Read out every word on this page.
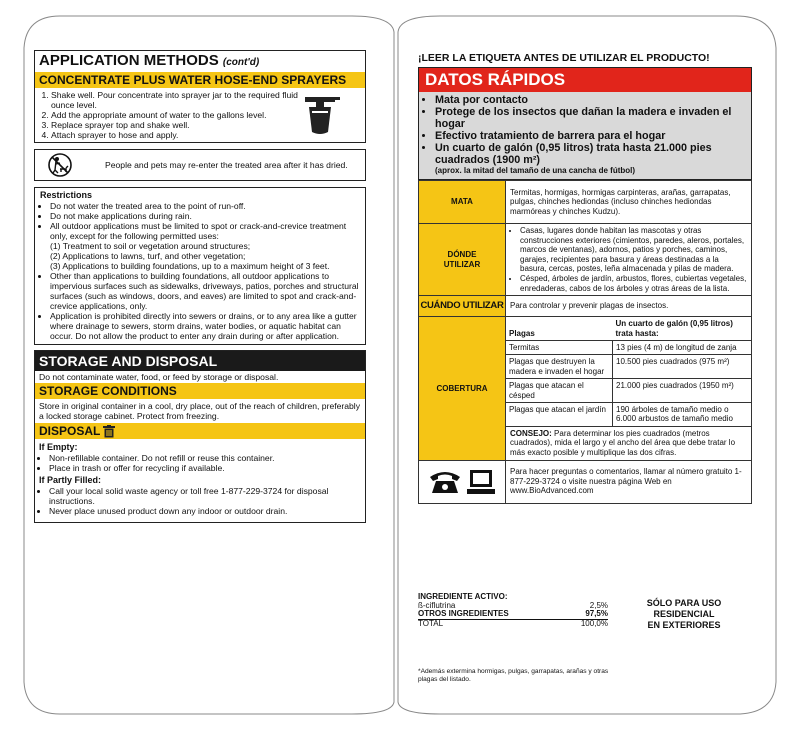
APPLICATION METHODS (cont'd)
CONCENTRATE PLUS WATER HOSE-END SPRAYERS
1. Shake well. Pour concentrate into sprayer jar to the required fluid ounce level.
2. Add the appropriate amount of water to the gallons level.
3. Replace sprayer top and shake well.
4. Attach sprayer to hose and apply.
People and pets may re-enter the treated area after it has dried.
Restrictions
• Do not water the treated area to the point of run-off.
• Do not make applications during rain.
• All outdoor applications must be limited to spot or crack-and-crevice treatment only, except for the following permitted uses:
(1) Treatment to soil or vegetation around structures;
(2) Applications to lawns, turf, and other vegetation;
(3) Applications to building foundations, up to a maximum height of 3 feet.
• Other than applications to building foundations, all outdoor applications to impervious surfaces such as sidewalks, driveways, patios, porches and structural surfaces (such as windows, doors, and eaves) are limited to spot and crack-and-crevice applications, only.
• Application is prohibited directly into sewers or drains, or to any area like a gutter where drainage to sewers, storm drains, water bodies, or aquatic habitat can occur. Do not allow the product to enter any drain during or after application.
STORAGE AND DISPOSAL
Do not contaminate water, food, or feed by storage or disposal.
STORAGE CONDITIONS
Store in original container in a cool, dry place, out of the reach of children, preferably a locked storage cabinet. Protect from freezing.
DISPOSAL
If Empty:
• Non-refillable container. Do not refill or reuse this container.
• Place in trash or offer for recycling if available.
If Partly Filled:
• Call your local solid waste agency or toll free 1-877-229-3724 for disposal instructions.
• Never place unused product down any indoor or outdoor drain.
¡LEER LA ETIQUETA ANTES DE UTILIZAR EL PRODUCTO!
DATOS RÁPIDOS
• Mata por contacto
• Protege de los insectos que dañan la madera e invaden el hogar
• Efectivo tratamiento de barrera para el hogar
• Un cuarto de galón (0,95 litros) trata hasta 21.000 pies cuadrados (1900 m²)
(aprox. la mitad del tamaño de una cancha de fútbol)
MATA	Termitas, hormigas, hormigas carpinteras, arañas, garrapatas, pulgas, chinches hediondas (incluso chinches hediondas marmóreas y chinches Kudzu).

DÓNDE
UTILIZAR

• Casas, lugares donde habitan las mascotas y otras construcciones exteriores (cimientos, paredes, aleros, portales, marcos de ventanas), adornos, patios y porches, caminos, garajes, recipientes para basura y áreas destinadas a la basura, cercas, postes, leña almacenada y pilas de madera.
• Césped, árboles de jardín, arbustos, flores, cubiertas vegetales, enredaderas, cabos de los árboles y otras áreas de la lista.

CUÁNDO UTILIZAR	Para controlar y prevenir plagas de insectos.
COBERTURA	
Plagas	Un cuarto de galón (0,95 litros) trata hasta:
Termitas	13 pies (4 m) de longitud de zanja
Plagas que destruyen la madera e invaden el hogar	10.500 pies cuadrados (975 m²)
Plagas que atacan el césped	21.000 pies cuadrados (1950 m²)
Plagas que atacan el jardín	190 árboles de tamaño medio o 6.000 arbustos de tamaño medio
CONSEJO: Para determinar los pies cuadrados (metros cuadrados), mida el largo y el ancho del área que debe tratar lo más exacto posible y multiplique las dos cifras.

	Para hacer preguntas o comentarios, llamar al número gratuito 1-877-229-3724 o visite nuestra página Web en www.BioAdvanced.com
INGREDIENTE ACTIVO:
ß-ciflutrina	2,5%
OTROS INGREDIENTES	97,5%
TOTAL	100,0%
SÓLO PARA USO
RESIDENCIAL
EN EXTERIORES
*Además extermina hormigas, pulgas, garrapatas, arañas y otras plagas del listado.
